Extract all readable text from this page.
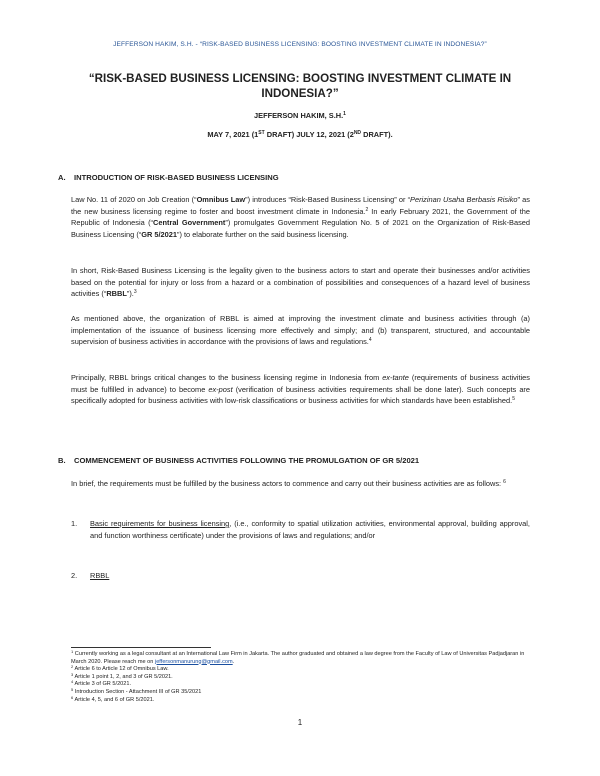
JEFFERSON HAKIM, S.H. - “RISK-BASED BUSINESS LICENSING: BOOSTING INVESTMENT CLIMATE IN INDONESIA?”
“RISK-BASED BUSINESS LICENSING: BOOSTING INVESTMENT CLIMATE IN
INDONESIA?”
JEFFERSON HAKIM, S.H.$^1$
MAY 7, 2021 (1ST DRAFT) JULY 12, 2021 (2ND DRAFT).
A. INTRODUCTION OF RISK-BASED BUSINESS LICENSING
Law No. 11 of 2020 on Job Creation (“Omnibus Law”) introduces “Risk-Based Business Licensing” or “Perizinan Usaha Berbasis Risiko” as the new business licensing regime to foster and boost investment climate in Indonesia.$^2$ In early February 2021, the Government of the Republic of Indonesia (“Central Government”) promulgates Government Regulation No. 5 of 2021 on the Organization of Risk-Based Business Licensing (“GR 5/2021”) to elaborate further on the said business licensing.
In short, Risk-Based Business Licensing is the legality given to the business actors to start and operate their businesses and/or activities based on the potential for injury or loss from a hazard or a combination of possibilities and consequences of a hazard level of business activities (“RBBL”).$^3$
As mentioned above, the organization of RBBL is aimed at improving the investment climate and business activities through (a) implementation of the issuance of business licensing more effectively and simply; and (b) transparent, structured, and accountable supervision of business activities in accordance with the provisions of laws and regulations.$^4$
Principally, RBBL brings critical changes to the business licensing regime in Indonesia from ex-tante (requirements of business activities must be fulfilled in advance) to become ex-post (verification of business activities requirements shall be done later). Such concepts are specifically adopted for business activities with low-risk classifications or business activities for which standards have been established.$^5$
B. COMMENCEMENT OF BUSINESS ACTIVITIES FOLLOWING THE PROMULGATION OF GR 5/2021
In brief, the requirements must be fulfilled by the business actors to commence and carry out their business activities are as follows: $^6$
1. Basic requirements for business licensing, (i.e., conformity to spatial utilization activities, environmental approval, building approval, and function worthiness certificate) under the provisions of laws and regulations; and/or
2. RBBL
$^1$ Currently working as a legal consultant at an International Law Firm in Jakarta. The author graduated and obtained a law degree from the Faculty of Law of Universitas Padjadjaran in March 2020. Please reach me on jeffersonmanurung@gmail.com.
$^2$ Article 6 to Article 12 of Omnibus Law.
$^3$ Article 1 point 1, 2, and 3 of GR 5/2021.
$^4$ Article 3 of GR 5/2021.
$^5$ Introduction Section - Attachment III of GR 35/2021
$^6$ Article 4, 5, and 6 of GR 5/2021.
1
